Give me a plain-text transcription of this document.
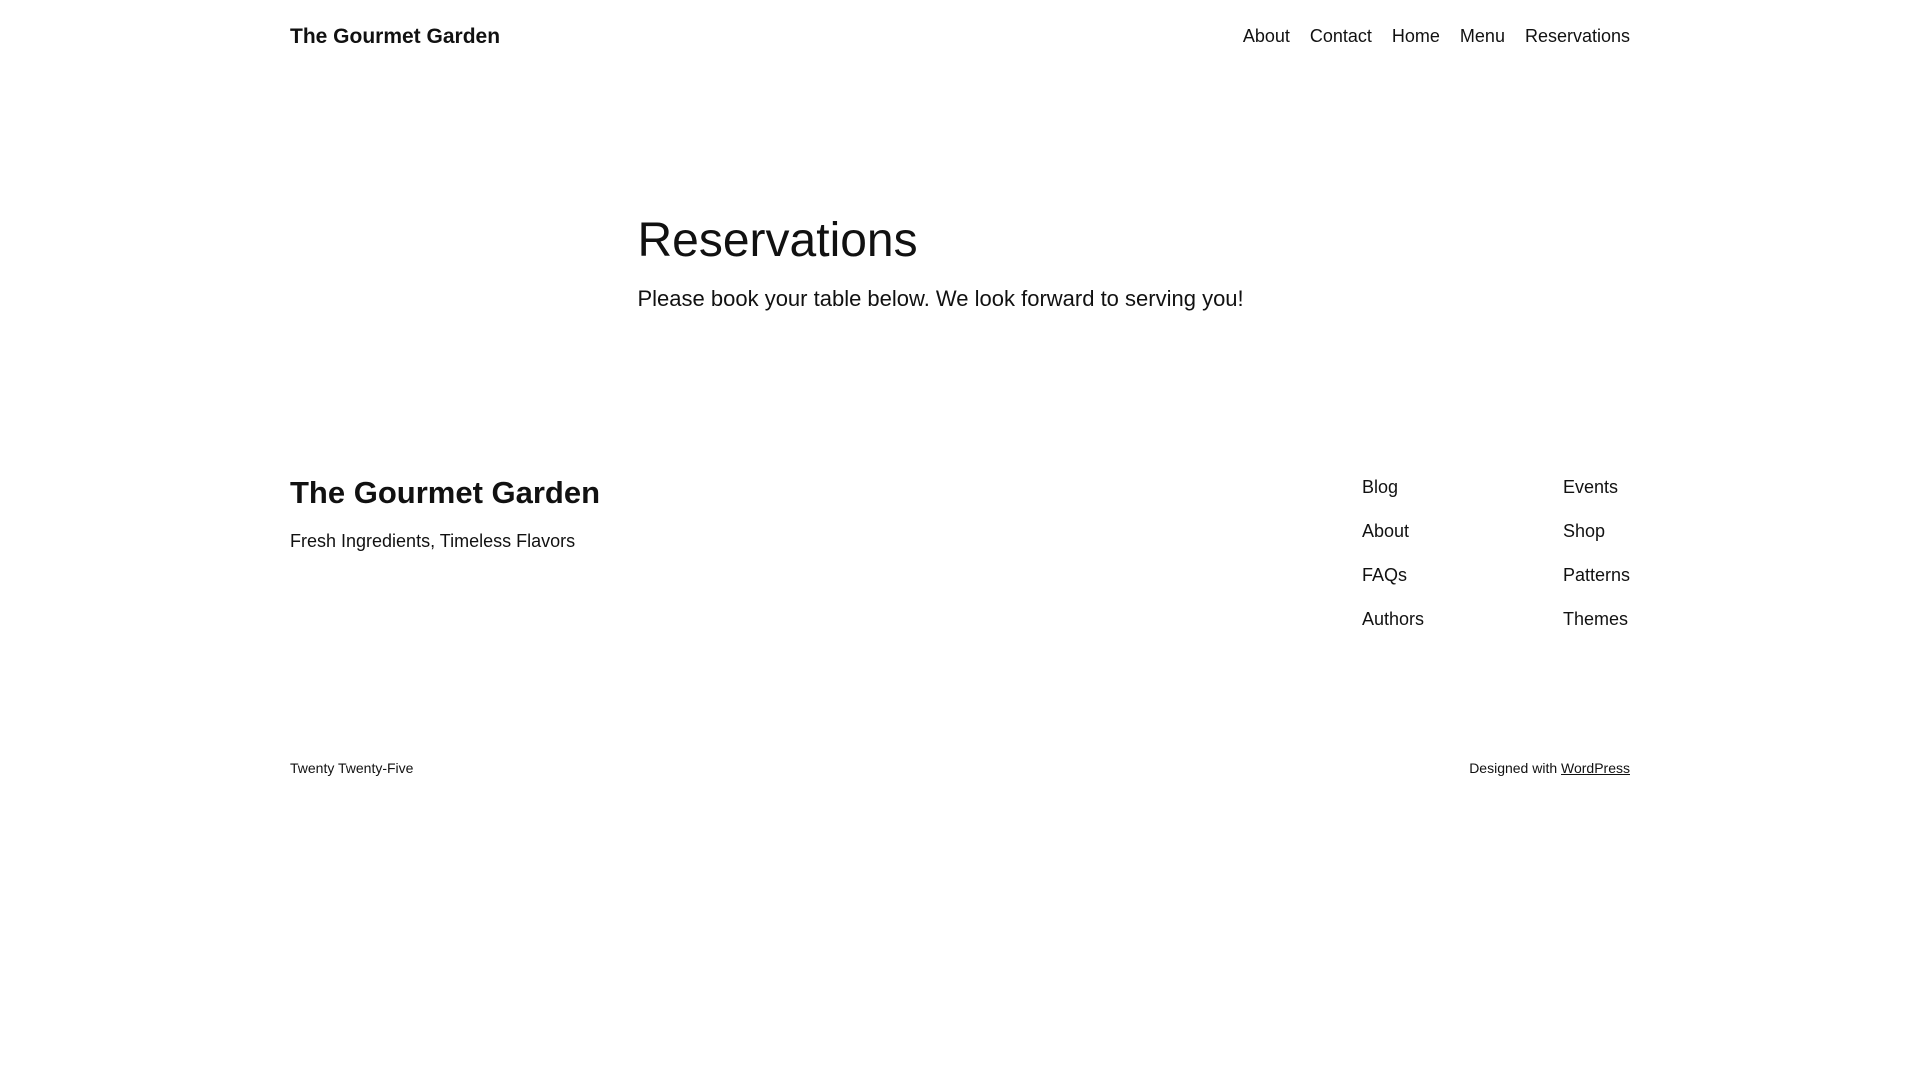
The Gourmet Garden	About Contact Home Menu Reservations
Reservations

Please book your table below. We look forward to serving you!

The Gourmet Garden

Fresh Ingredients, Timeless Flavors

Blog
About
FAQs
Authors
Events
Shop
Patterns
Themes
Twenty Twenty-Five	Designed with WordPress
